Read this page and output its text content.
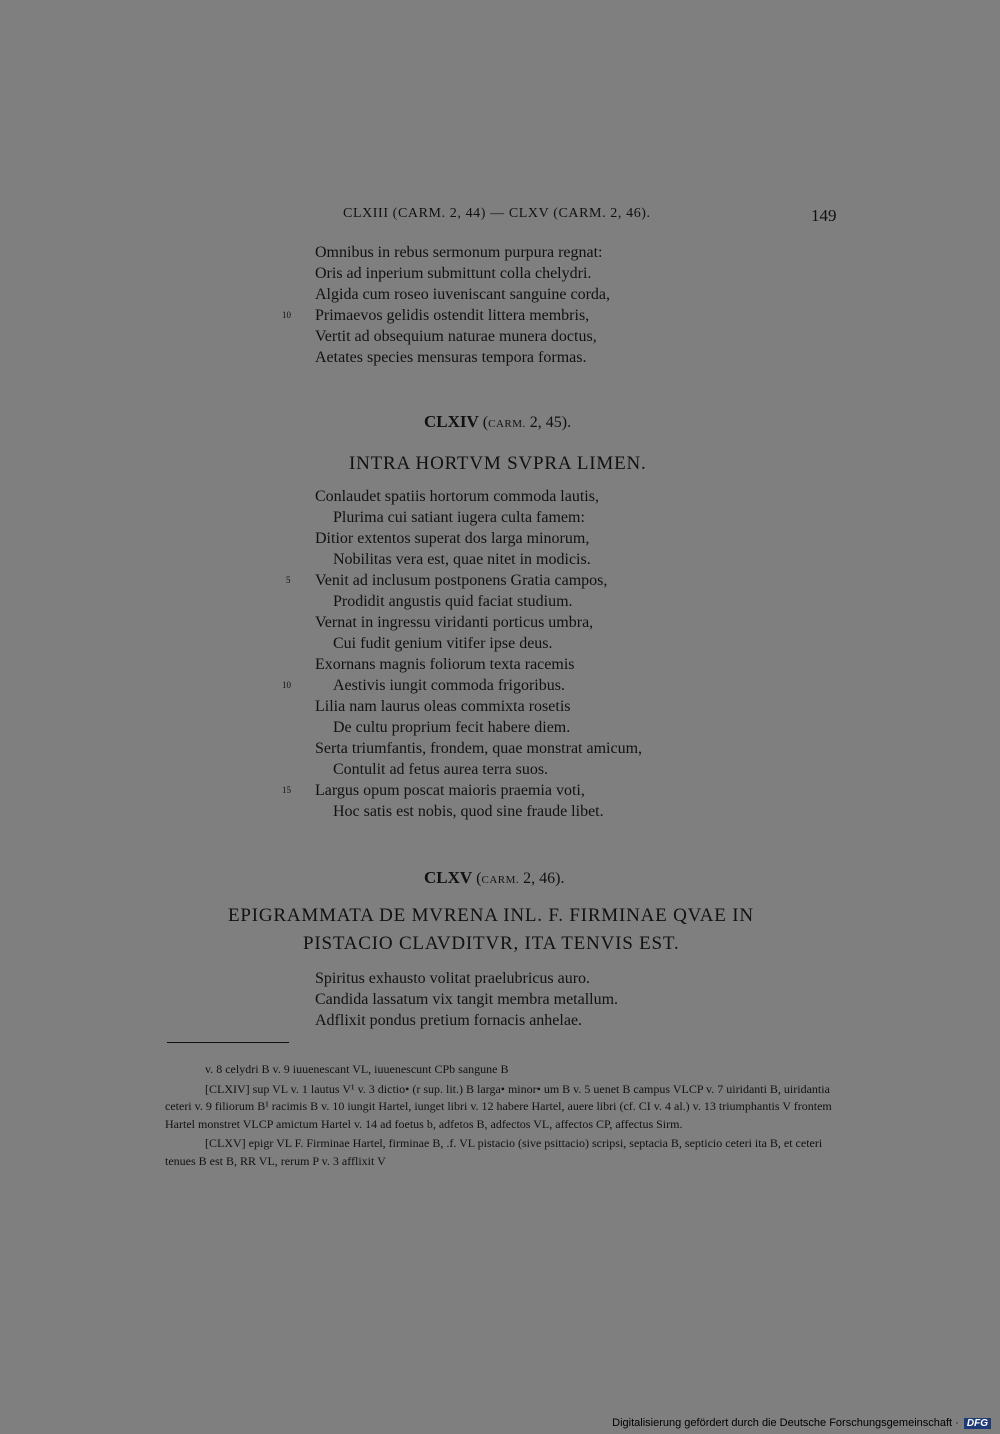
CLXIII (CARM. 2, 44) — CLXV (CARM. 2, 46).	149
Omnibus in rebus sermonum purpura regnat:
Oris ad inperium submittunt colla chelydri.
Algida cum roseo iuveniscant sanguine corda,
Primaevos gelidis ostendit littera membris,
Vertit ad obsequium naturae munera doctus,
Aetates species mensuras tempora formas.
10
CLXIV (CARM. 2, 45).
INTRA HORTVM SVPRA LIMEN.
Conlaudet spatiis hortorum commoda lautis,
Plurima cui satiant iugera culta famem:
Ditior extentos superat dos larga minorum,
Nobilitas vera est, quae nitet in modicis.
Venit ad inclusum postponens Gratia campos,
Prodidit angustis quid faciat studium.
Vernat in ingressu viridanti porticus umbra,
Cui fudit genium vitifer ipse deus.
Exornans magnis foliorum texta racemis
Aestivis iungit commoda frigoribus.
Lilia nam laurus oleas commixta rosetis
De cultu proprium fecit habere diem.
Serta triumfantis, frondem, quae monstrat amicum,
Contulit ad fetus aurea terra suos.
Largus opum poscat maioris praemia voti,
Hoc satis est nobis, quod sine fraude libet.
5
10
15
CLXV (CARM. 2, 46).
EPIGRAMMATA DE MVRENA INL. F. FIRMINAE QVAE IN
PISTACIO CLAVDITVR, ITA TENVIS EST.
Spiritus exhausto volitat praelubricus auro.
Candida lassatum vix tangit membra metallum.
Adflixit pondus pretium fornacis anhelae.

v. 8 celydri B v. 9 iuuenescant VL, iuuenescunt CPb sangune B

[CLXIV] sup VL v. 1 lautus V¹ v. 3 dictio• (r sup. lit.) B larga• minor• um B v. 5 uenet B campus VLCP v. 7 uiridanti B, uiridantia ceteri v. 9 filiorum B¹ racimis B v. 10 iungit Hartel, iunget libri v. 12 habere Hartel, auere libri (cf. CI v. 4 al.) v. 13 triumphantis V frontem Hartel monstret VLCP amictum Hartel v. 14 ad foetus b, adfetos B, adfectos VL, affectos CP, affectus Sirm.

[CLXV] epigr VL F. Firminae Hartel, firminae B, .f. VL pistacio (sive psittacio) scripsi, septacia B, septicio ceteri ita B, et ceteri tenues B est B, RR VL, rerum P v. 3 afflixit V

Digitalisierung gefördert durch die Deutsche Forschungsgemeinschaft · DFG
